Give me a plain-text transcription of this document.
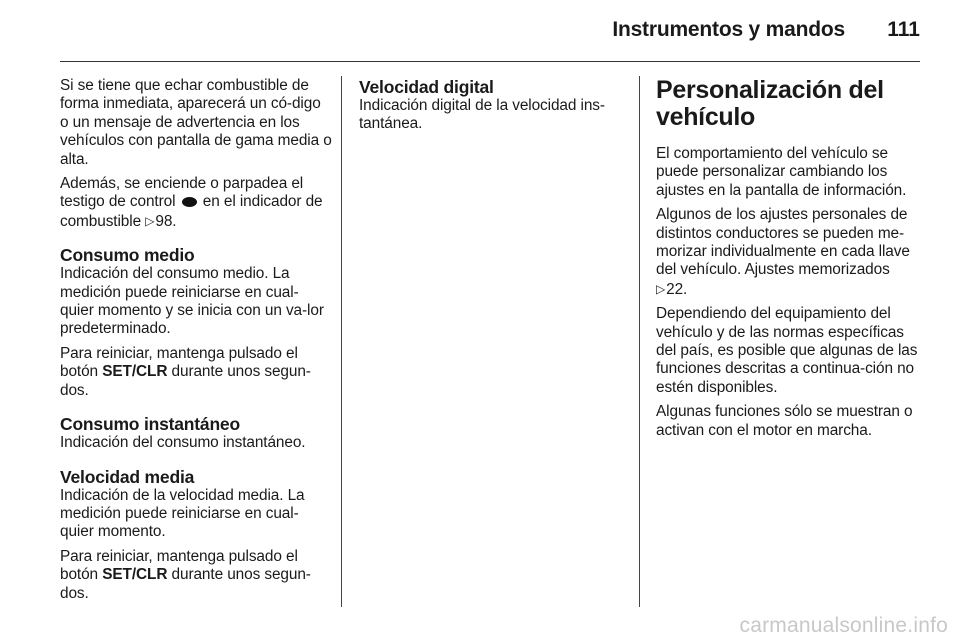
Instrumentos y mandos 111

Si se tiene que echar combustible de forma inmediata, aparecerá un có-digo o un mensaje de advertencia en los vehículos con pantalla de gama media o alta.

Además, se enciende o parpadea el testigo de control en el indicador de combustible ▷98.

Consumo medio

Indicación del consumo medio. La medición puede reiniciarse en cual-quier momento y se inicia con un va-lor predeterminado.

Para reiniciar, mantenga pulsado el botón SET/CLR durante unos segun-dos.

Consumo instantáneo

Indicación del consumo instantáneo.

Velocidad media

Indicación de la velocidad media. La medición puede reiniciarse en cual-quier momento.

Para reiniciar, mantenga pulsado el botón SET/CLR durante unos segun-dos.

Velocidad digital

Indicación digital de la velocidad ins-tantánea.

Personalización del vehículo

El comportamiento del vehículo se puede personalizar cambiando los ajustes en la pantalla de información.

Algunos de los ajustes personales de distintos conductores se pueden me-morizar individualmente en cada llave del vehículo. Ajustes memorizados ▷22.

Dependiendo del equipamiento del vehículo y de las normas específicas del país, es posible que algunas de las funciones descritas a continua-ción no estén disponibles.

Algunas funciones sólo se muestran o activan con el motor en marcha.

carmanualsonline.info
